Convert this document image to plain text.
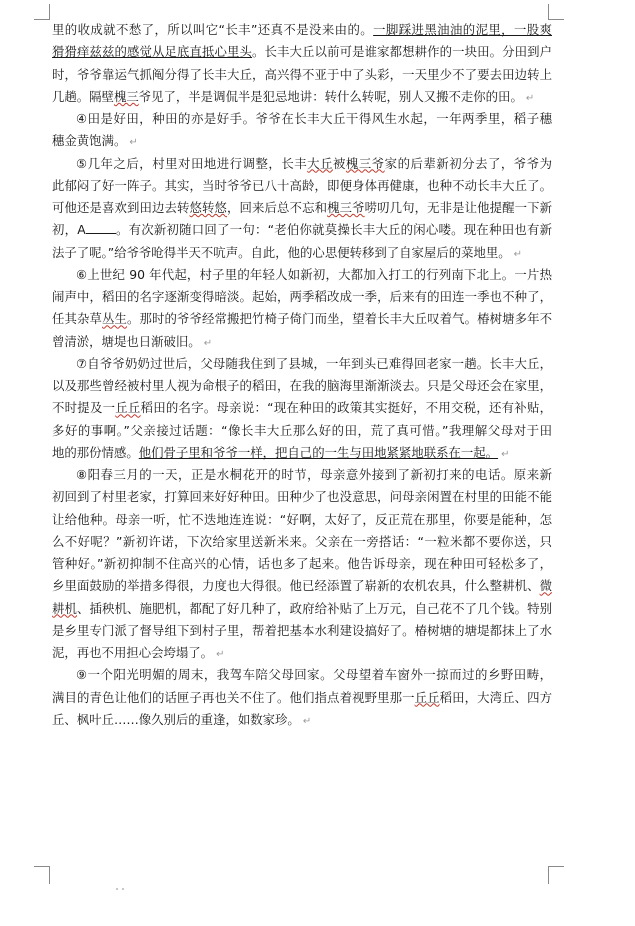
里的收成就不愁了，所以叫它“长丰”还真不是没来由的。一脚踩进黑油油的泥里，一股爽
猾猾痒兹兹的感觉从足底直抵心里头。长丰大丘以前可是谁家都想耕作的一块田。分田到户
时，爷爷靠运气抓阄分得了长丰大丘，高兴得不亚于中了头彩，一天里少不了要去田边转上
几趟。隔壁槐三爷见了，半是调侃半是犯忌地讲：转什么转呢，别人又搬不走你的田。 ↵
④田是好田，种田的亦是好手。爷爷在长丰大丘干得风生水起，一年两季里，稻子穗
穗金黄饱满。 ↵
⑤几年之后，村里对田地进行调整，长丰大丘被槐三爷家的后辈新初分去了，爷爷为
此郁闷了好一阵子。其实，当时爷爷已八十高龄，即便身体再健康，也种不动长丰大丘了。
可他还是喜欢到田边去转悠转悠，回来后总不忘和槐三爷唠叨几句，无非是让他提醒一下新
初，A 。有次新初随口回了一句：“老伯你就莫操长丰大丘的闲心喽。现在种田也有新
法子了呢。”给爷爷呛得半天不吭声。自此，他的心思便转移到了自家屋后的菜地里。 ↵
⑥上世纪 90 年代起，村子里的年轻人如新初，大都加入打工的行列南下北上。一片热
闹声中，稻田的名字逐渐变得暗淡。起始，两季稻改成一季，后来有的田连一季也不种了，
任其杂草丛生。那时的爷爷经常搬把竹椅子倚门而坐，望着长丰大丘叹着气。椿树塘多年不
曾清淤，塘堤也日渐破旧。 ↵
⑦自爷爷奶奶过世后，父母随我住到了县城，一年到头已难得回老家一趟。长丰大丘，
以及那些曾经被村里人视为命根子的稻田，在我的脑海里渐渐淡去。只是父母还会在家里，
不时提及一丘丘稻田的名字。母亲说：“现在种田的政策其实挺好，不用交税，还有补贴，
多好的事啊。”父亲接过话题：“像长丰大丘那么好的田，荒了真可惜。”我理解父母对于田
地的那份情感。他们骨子里和爷爷一样，把自己的一生与田地紧紧地联系在一起。 ↵
⑧阳春三月的一天，正是水桐花开的时节，母亲意外接到了新初打来的电话。原来新
初回到了村里老家，打算回来好好种田。田种少了也没意思，问母亲闲置在村里的田能不能
让给他种。母亲一听，忙不迭地连连说：“好啊，太好了，反正荒在那里，你要是能种，怎
么不好呢？”新初许诺，下次给家里送新米来。父亲在一旁搭话：“一粒米都不要你送，只
管种好。”新初抑制不住高兴的心情，话也多了起来。他告诉母亲，现在种田可轻松多了，
乡里面鼓励的举措多得很，力度也大得很。他已经添置了崭新的农机农具，什么整耕机、微
耕机、插秧机、施肥机，都配了好几种了，政府给补贴了上万元，自己花不了几个钱。特别
是乡里专门派了督导组下到村子里，帮着把基本水利建设搞好了。椿树塘的塘堤都抹上了水
泥，再也不用担心会垮塌了。 ↵
⑨一个阳光明媚的周末，我驾车陪父母回家。父母望着车窗外一掠而过的乡野田畴，
满目的青色让他们的话匣子再也关不住了。他们指点着视野里那一丘丘稻田，大湾丘、四方
丘、枫叶丘……像久别后的重逢，如数家珍。 ↵
